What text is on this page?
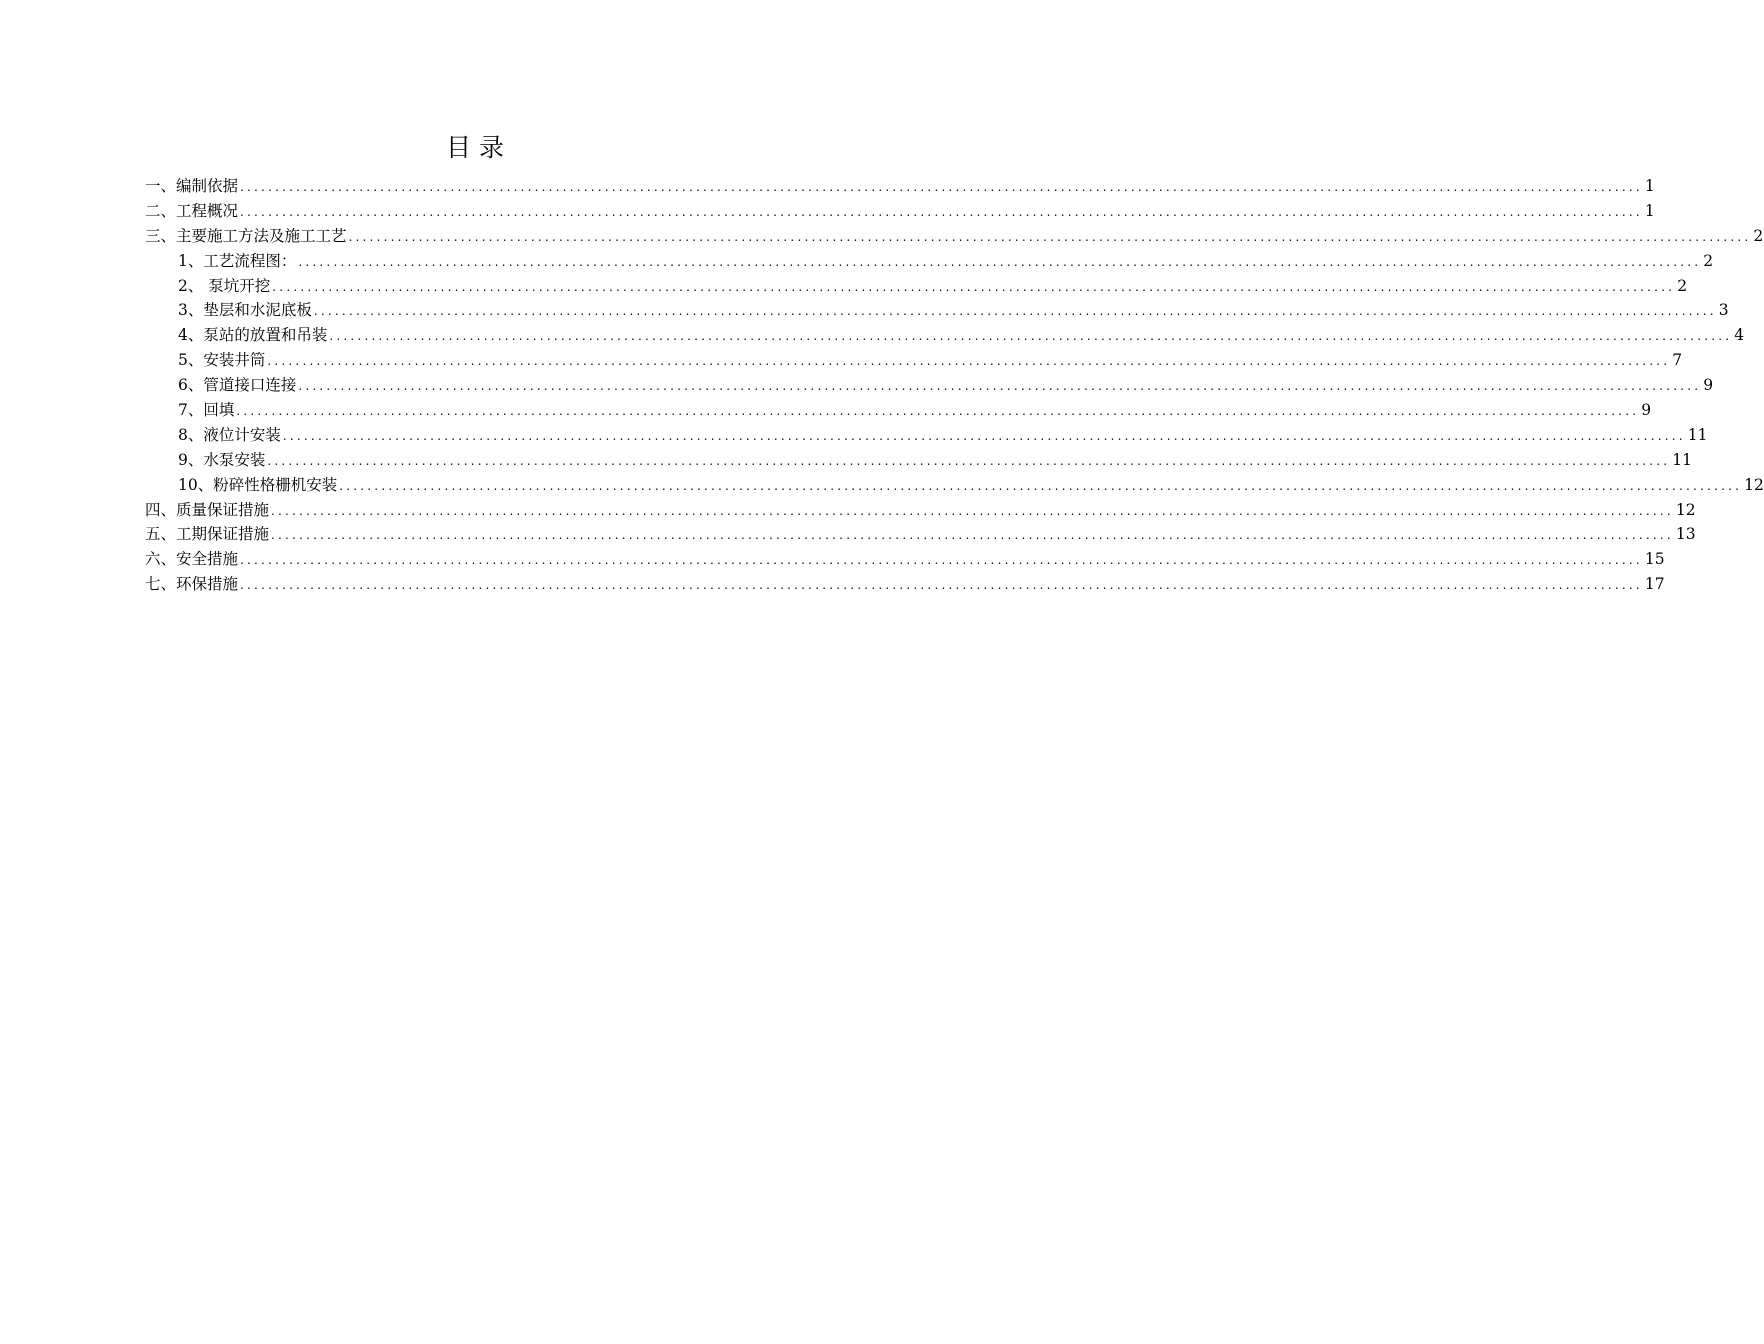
目 录
一、编制依据 ........................................................................................................................................................................................................ 1
二、工程概况 ........................................................................................................................................................................................................ 1
三、主要施工方法及施工工艺 ........................................................................................................................................................................................................ 2
1、工艺流程图： ........................................................................................................................................................................................................ 2
2、 泵坑开挖 ........................................................................................................................................................................................................ 2
3、垫层和水泥底板 ........................................................................................................................................................................................................ 3
4、泵站的放置和吊装 ........................................................................................................................................................................................................ 4
5、安装井筒 ........................................................................................................................................................................................................ 7
6、管道接口连接 ........................................................................................................................................................................................................ 9
7、回填 ........................................................................................................................................................................................................ 9
8、液位计安装 ........................................................................................................................................................................................................ 11
9、水泵安装 ........................................................................................................................................................................................................ 11
10、粉碎性格栅机安装 ........................................................................................................................................................................................................ 12
四、质量保证措施 ........................................................................................................................................................................................................ 12
五、工期保证措施 ........................................................................................................................................................................................................ 13
六、安全措施 ........................................................................................................................................................................................................ 15
七、环保措施 ........................................................................................................................................................................................................ 17
